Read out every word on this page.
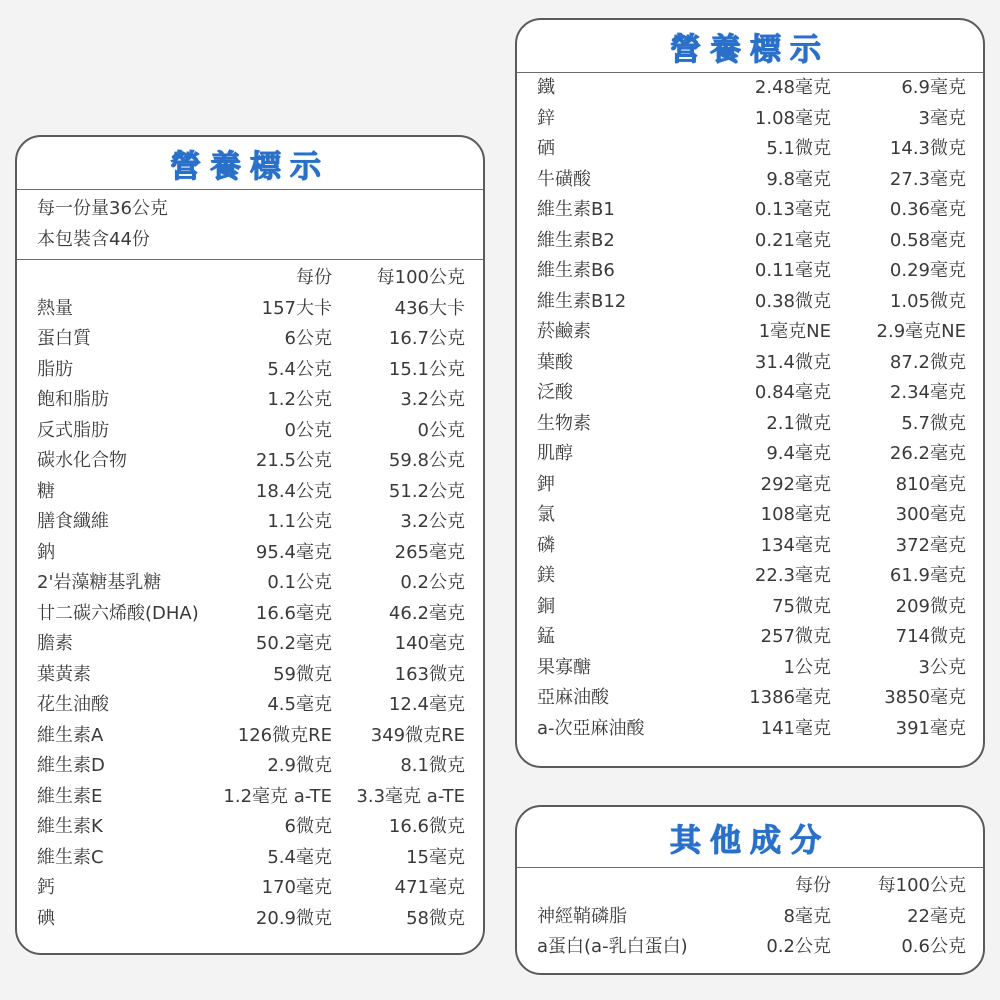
營養標示
每一份量36公克
本包裝含44份
每份 每100公克
熱量	157大卡	436大卡
蛋白質	6公克	16.7公克
脂肪	5.4公克	15.1公克
飽和脂肪	1.2公克	3.2公克
反式脂肪	0公克	0公克
碳水化合物	21.5公克	59.8公克
糖	18.4公克	51.2公克
膳食纖維	1.1公克	3.2公克
鈉	95.4毫克	265毫克
2'岩藻糖基乳糖	0.1公克	0.2公克
廿二碳六烯酸(DHA)	16.6毫克	46.2毫克
膽素	50.2毫克	140毫克
葉黃素	59微克	163微克
花生油酸	4.5毫克	12.4毫克
維生素A	126微克RE 349微克RE
維生素D	2.9微克	8.1微克
維生素E	1.2毫克 a-TE 3.3毫克 a-TE
維生素K	6微克	16.6微克
維生素C	5.4毫克	15毫克
鈣	170毫克	471毫克
碘	20.9微克	58微克
營養標示
鐵	2.48毫克	6.9毫克
鋅	1.08毫克	3毫克
硒	5.1微克	14.3微克
牛磺酸	9.8毫克	27.3毫克
維生素B1	0.13毫克	0.36毫克
維生素B2	0.21毫克	0.58毫克
維生素B6	0.11毫克	0.29毫克
維生素B12	0.38微克	1.05微克
菸鹼素	1毫克NE	2.9毫克NE
葉酸	31.4微克	87.2微克
泛酸	0.84毫克	2.34毫克
生物素	2.1微克	5.7微克
肌醇	9.4毫克	26.2毫克
鉀	292毫克	810毫克
氯	108毫克	300毫克
磷	134毫克	372毫克
鎂	22.3毫克	61.9毫克
銅	75微克	209微克
錳	257微克	714微克
果寡醣	1公克	3公克
亞麻油酸	1386毫克	3850毫克
a-次亞麻油酸	141毫克	391毫克
其他成分
每份	每100公克
神經鞘磷脂	8毫克	22毫克
a蛋白(a-乳白蛋白)	0.2公克	0.6公克
